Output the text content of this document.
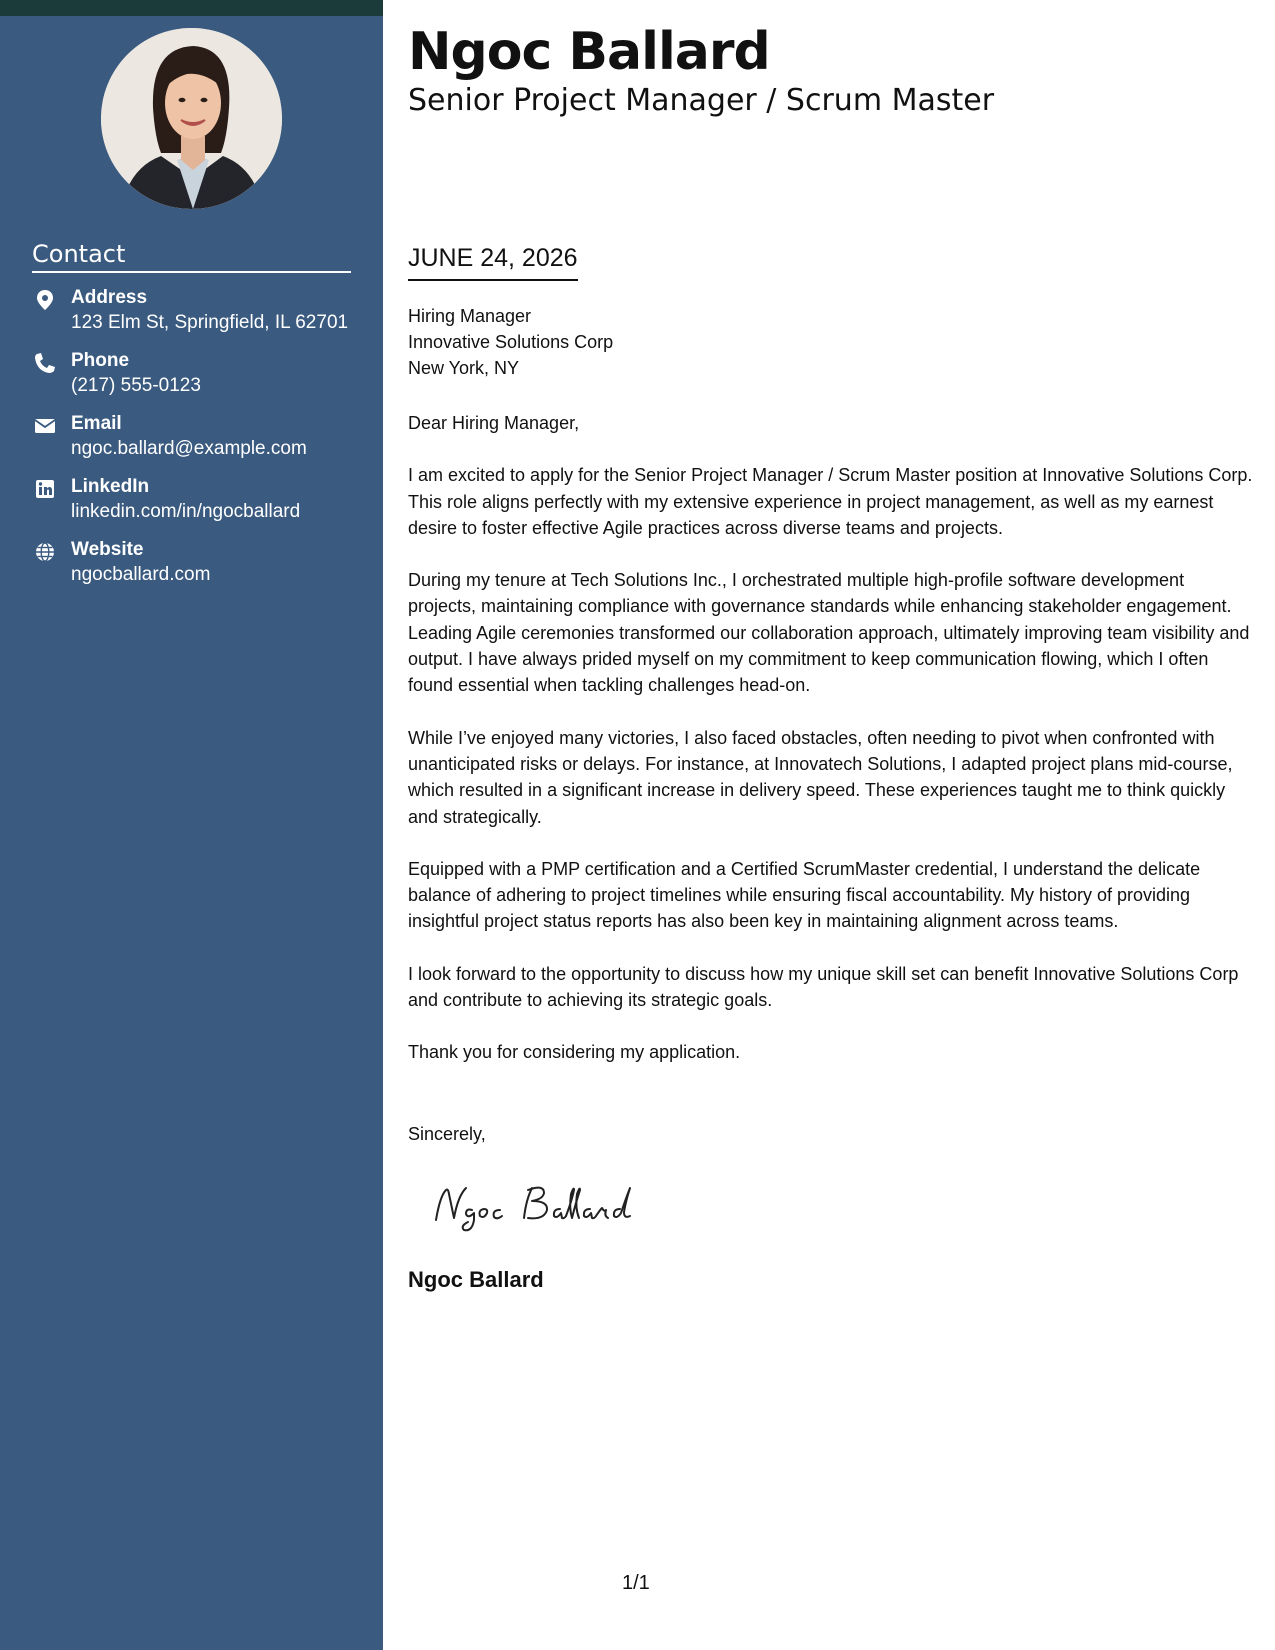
Contact
Address
123 Elm St, Springfield, IL 62701
Phone
(217) 555-0123
Email
ngoc.ballard@example.com
LinkedIn
linkedin.com/in/ngocballard
Website
ngocballard.com
Ngoc Ballard
Senior Project Manager / Scrum Master
JUNE 24, 2026
Hiring Manager
Innovative Solutions Corp
New York, NY

Dear Hiring Manager,

I am excited to apply for the Senior Project Manager / Scrum Master position at Innovative Solutions Corp. This role aligns perfectly with my extensive experience in project management, as well as my earnest desire to foster effective Agile practices across diverse teams and projects.

During my tenure at Tech Solutions Inc., I orchestrated multiple high-profile software development projects, maintaining compliance with governance standards while enhancing stakeholder engagement. Leading Agile ceremonies transformed our collaboration approach, ultimately improving team visibility and output. I have always prided myself on my commitment to keep communication flowing, which I often found essential when tackling challenges head-on.

While I’ve enjoyed many victories, I also faced obstacles, often needing to pivot when confronted with unanticipated risks or delays. For instance, at Innovatech Solutions, I adapted project plans mid-course, which resulted in a significant increase in delivery speed. These experiences taught me to think quickly and strategically.

Equipped with a PMP certification and a Certified ScrumMaster credential, I understand the delicate balance of adhering to project timelines while ensuring fiscal accountability. My history of providing insightful project status reports has also been key in maintaining alignment across teams.

I look forward to the opportunity to discuss how my unique skill set can benefit Innovative Solutions Corp and contribute to achieving its strategic goals.

Thank you for considering my application.

Sincerely,
Ngoc Ballard
1/1
